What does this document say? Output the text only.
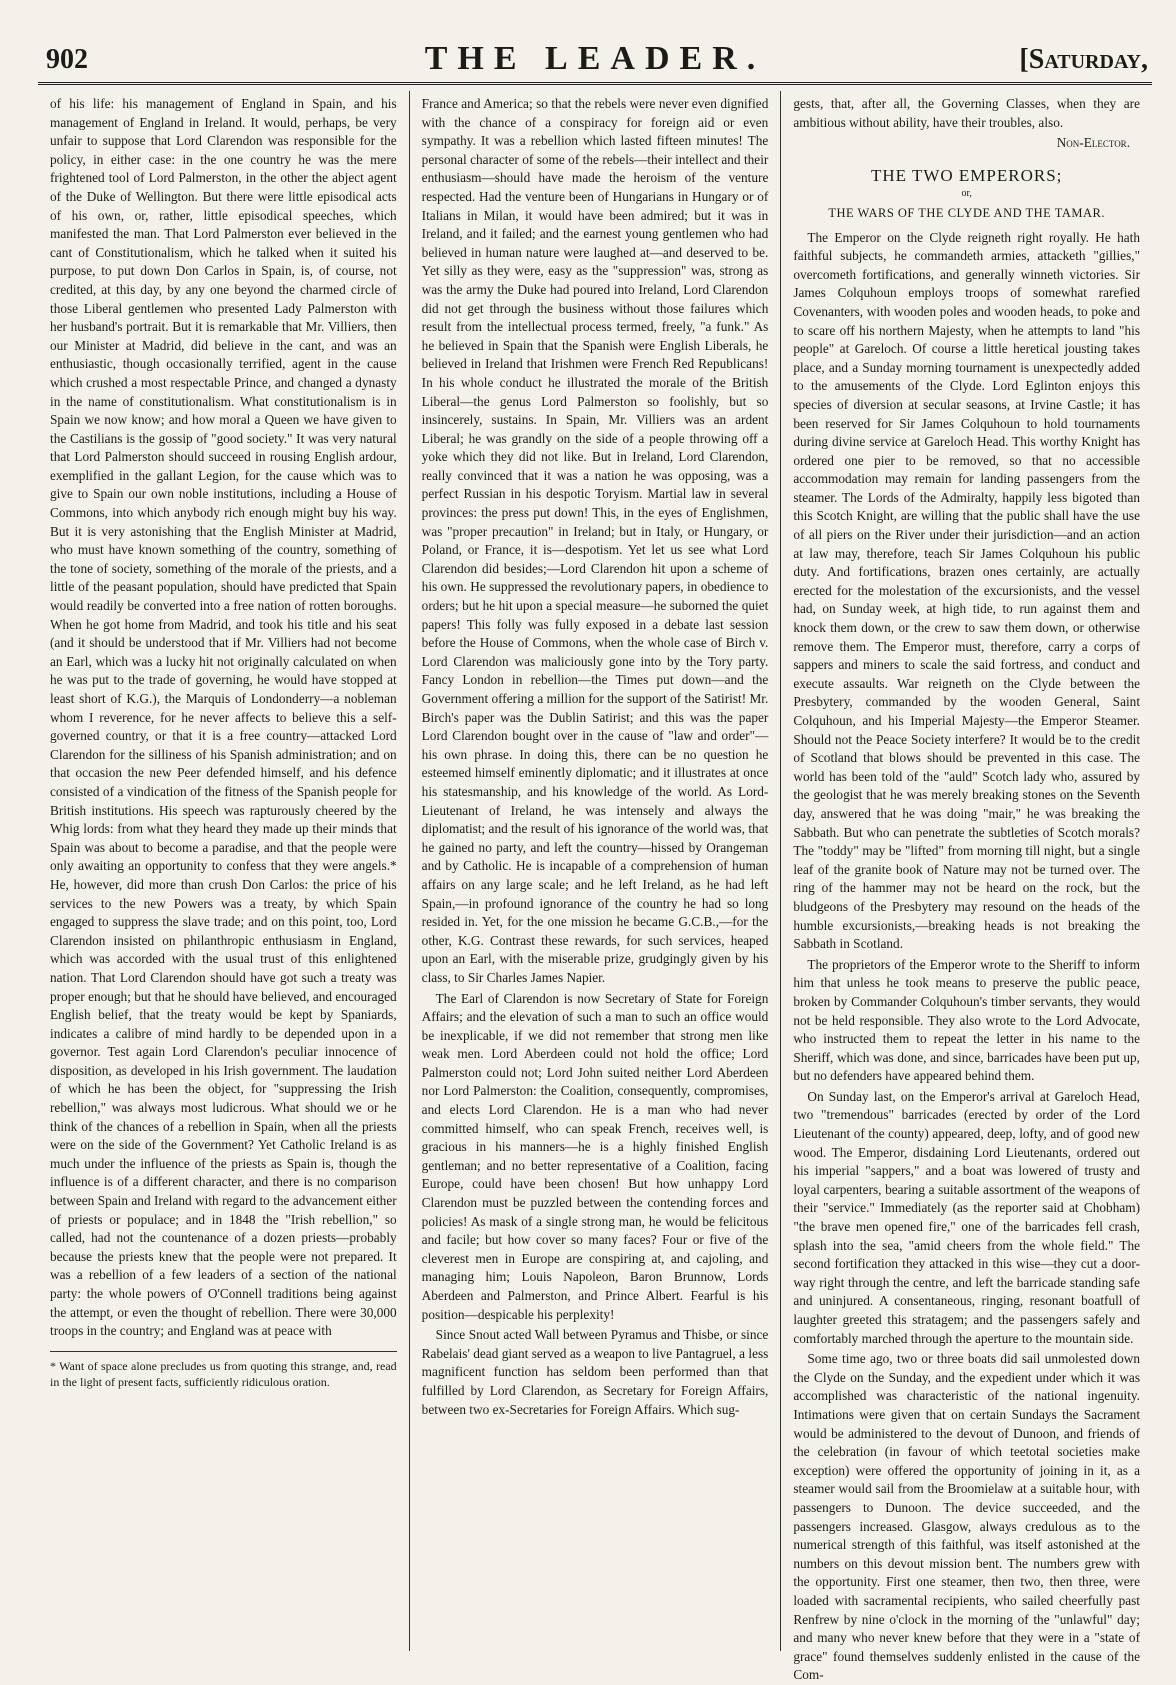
902	THE LEADER.	[Saturday,

of his life: his management of England in Spain, and his management of England in Ireland. It would, perhaps, be very unfair to suppose that Lord Clarendon was responsible for the policy, in either case: in the one country he was the mere frightened tool of Lord Palmerston, in the other the abject agent of the Duke of Wellington. But there were little episodical acts of his own, or, rather, little episodical speeches, which manifested the man. That Lord Palmerston ever believed in the cant of Constitutionalism, which he talked when it suited his purpose, to put down Don Carlos in Spain, is, of course, not credited, at this day, by any one beyond the charmed circle of those Liberal gentlemen who presented Lady Palmerston with her husband's portrait. But it is remarkable that Mr. Villiers, then our Minister at Madrid, did believe in the cant, and was an enthusiastic, though occasionally terrified, agent in the cause which crushed a most respectable Prince, and changed a dynasty in the name of constitutionalism. What constitutionalism is in Spain we now know; and how moral a Queen we have given to the Castilians is the gossip of "good society." It was very natural that Lord Palmerston should succeed in rousing English ardour, exemplified in the gallant Legion, for the cause which was to give to Spain our own noble institutions, including a House of Commons, into which anybody rich enough might buy his way. But it is very astonishing that the English Minister at Madrid, who must have known something of the country, something of the tone of society, something of the morale of the priests, and a little of the peasant population, should have predicted that Spain would readily be converted into a free nation of rotten boroughs. When he got home from Madrid, and took his title and his seat (and it should be understood that if Mr. Villiers had not become an Earl, which was a lucky hit not originally calculated on when he was put to the trade of governing, he would have stopped at least short of K.G.), the Marquis of Londonderry—a nobleman whom I reverence, for he never affects to believe this a self-governed country, or that it is a free country—attacked Lord Clarendon for the silliness of his Spanish administration; and on that occasion the new Peer defended himself, and his defence consisted of a vindication of the fitness of the Spanish people for British institutions. His speech was rapturously cheered by the Whig lords: from what they heard they made up their minds that Spain was about to become a paradise, and that the people were only awaiting an opportunity to confess that they were angels.* He, however, did more than crush Don Carlos: the price of his services to the new Powers was a treaty, by which Spain engaged to suppress the slave trade; and on this point, too, Lord Clarendon insisted on philanthropic enthusiasm in England, which was accorded with the usual trust of this enlightened nation. That Lord Clarendon should have got such a treaty was proper enough; but that he should have believed, and encouraged English belief, that the treaty would be kept by Spaniards, indicates a calibre of mind hardly to be depended upon in a governor. Test again Lord Clarendon's peculiar innocence of disposition, as developed in his Irish government. The laudation of which he has been the object, for "suppressing the Irish rebellion," was always most ludicrous. What should we or he think of the chances of a rebellion in Spain, when all the priests were on the side of the Government? Yet Catholic Ireland is as much under the influence of the priests as Spain is, though the influence is of a different character, and there is no comparison between Spain and Ireland with regard to the advancement either of priests or populace; and in 1848 the "Irish rebellion," so called, had not the countenance of a dozen priests—probably because the priests knew that the people were not prepared. It was a rebellion of a few leaders of a section of the national party: the whole powers of O'Connell traditions being against the attempt, or even the thought of rebellion. There were 30,000 troops in the country; and England was at peace with

* Want of space alone precludes us from quoting this strange, and, read in the light of present facts, sufficiently ridiculous oration.

France and America; so that the rebels were never even dignified with the chance of a conspiracy for foreign aid or even sympathy. It was a rebellion which lasted fifteen minutes! The personal character of some of the rebels—their intellect and their enthusiasm—should have made the heroism of the venture respected. Had the venture been of Hungarians in Hungary or of Italians in Milan, it would have been admired; but it was in Ireland, and it failed; and the earnest young gentlemen who had believed in human nature were laughed at—and deserved to be. Yet silly as they were, easy as the "suppression" was, strong as was the army the Duke had poured into Ireland, Lord Clarendon did not get through the business without those failures which result from the intellectual process termed, freely, "a funk." As he believed in Spain that the Spanish were English Liberals, he believed in Ireland that Irishmen were French Red Republicans! In his whole conduct he illustrated the morale of the British Liberal—the genus Lord Palmerston so foolishly, but so insincerely, sustains. In Spain, Mr. Villiers was an ardent Liberal; he was grandly on the side of a people throwing off a yoke which they did not like. But in Ireland, Lord Clarendon, really convinced that it was a nation he was opposing, was a perfect Russian in his despotic Toryism. Martial law in several provinces: the press put down! This, in the eyes of Englishmen, was "proper precaution" in Ireland; but in Italy, or Hungary, or Poland, or France, it is—despotism. Yet let us see what Lord Clarendon did besides;—Lord Clarendon hit upon a scheme of his own. He suppressed the revolutionary papers, in obedience to orders; but he hit upon a special measure—he suborned the quiet papers! This folly was fully exposed in a debate last session before the House of Commons, when the whole case of Birch v. Lord Clarendon was maliciously gone into by the Tory party. Fancy London in rebellion—the Times put down—and the Government offering a million for the support of the Satirist! Mr. Birch's paper was the Dublin Satirist; and this was the paper Lord Clarendon bought over in the cause of "law and order"—his own phrase. In doing this, there can be no question he esteemed himself eminently diplomatic; and it illustrates at once his statesmanship, and his knowledge of the world. As Lord-Lieutenant of Ireland, he was intensely and always the diplomatist; and the result of his ignorance of the world was, that he gained no party, and left the country—hissed by Orangeman and by Catholic. He is incapable of a comprehension of human affairs on any large scale; and he left Ireland, as he had left Spain,—in profound ignorance of the country he had so long resided in. Yet, for the one mission he became G.C.B.,—for the other, K.G. Contrast these rewards, for such services, heaped upon an Earl, with the miserable prize, grudgingly given by his class, to Sir Charles James Napier.

The Earl of Clarendon is now Secretary of State for Foreign Affairs; and the elevation of such a man to such an office would be inexplicable, if we did not remember that strong men like weak men. Lord Aberdeen could not hold the office; Lord Palmerston could not; Lord John suited neither Lord Aberdeen nor Lord Palmerston: the Coalition, consequently, compromises, and elects Lord Clarendon. He is a man who had never committed himself, who can speak French, receives well, is gracious in his manners—he is a highly finished English gentleman; and no better representative of a Coalition, facing Europe, could have been chosen! But how unhappy Lord Clarendon must be puzzled between the contending forces and policies! As mask of a single strong man, he would be felicitous and facile; but how cover so many faces? Four or five of the cleverest men in Europe are conspiring at, and cajoling, and managing him; Louis Napoleon, Baron Brunnow, Lords Aberdeen and Palmerston, and Prince Albert. Fearful is his position—despicable his perplexity!

Since Snout acted Wall between Pyramus and Thisbe, or since Rabelais' dead giant served as a weapon to live Pantagruel, a less magnificent function has seldom been performed than that fulfilled by Lord Clarendon, as Secretary for Foreign Affairs, between two ex-Secretaries for Foreign Affairs. Which sug-

gests, that, after all, the Governing Classes, when they are ambitious without ability, have their troubles, also.

Non-Elector.
THE TWO EMPERORS;
or,
THE WARS OF THE CLYDE AND THE TAMAR.

The Emperor on the Clyde reigneth right royally. He hath faithful subjects, he commandeth armies, attacketh "gillies," overcometh fortifications, and generally winneth victories. Sir James Colquhoun employs troops of somewhat rarefied Covenanters, with wooden poles and wooden heads, to poke and to scare off his northern Majesty, when he attempts to land "his people" at Gareloch. Of course a little heretical jousting takes place, and a Sunday morning tournament is unexpectedly added to the amusements of the Clyde. Lord Eglinton enjoys this species of diversion at secular seasons, at Irvine Castle; it has been reserved for Sir James Colquhoun to hold tournaments during divine service at Gareloch Head. This worthy Knight has ordered one pier to be removed, so that no accessible accommodation may remain for landing passengers from the steamer. The Lords of the Admiralty, happily less bigoted than this Scotch Knight, are willing that the public shall have the use of all piers on the River under their jurisdiction—and an action at law may, therefore, teach Sir James Colquhoun his public duty. And fortifications, brazen ones certainly, are actually erected for the molestation of the excursionists, and the vessel had, on Sunday week, at high tide, to run against them and knock them down, or the crew to saw them down, or otherwise remove them. The Emperor must, therefore, carry a corps of sappers and miners to scale the said fortress, and conduct and execute assaults. War reigneth on the Clyde between the Presbytery, commanded by the wooden General, Saint Colquhoun, and his Imperial Majesty—the Emperor Steamer. Should not the Peace Society interfere? It would be to the credit of Scotland that blows should be prevented in this case. The world has been told of the "auld" Scotch lady who, assured by the geologist that he was merely breaking stones on the Seventh day, answered that he was doing "mair," he was breaking the Sabbath. But who can penetrate the subtleties of Scotch morals? The "toddy" may be "lifted" from morning till night, but a single leaf of the granite book of Nature may not be turned over. The ring of the hammer may not be heard on the rock, but the bludgeons of the Presbytery may resound on the heads of the humble excursionists,—breaking heads is not breaking the Sabbath in Scotland.

The proprietors of the Emperor wrote to the Sheriff to inform him that unless he took means to preserve the public peace, broken by Commander Colquhoun's timber servants, they would not be held responsible. They also wrote to the Lord Advocate, who instructed them to repeat the letter in his name to the Sheriff, which was done, and since, barricades have been put up, but no defenders have appeared behind them.

On Sunday last, on the Emperor's arrival at Gareloch Head, two "tremendous" barricades (erected by order of the Lord Lieutenant of the county) appeared, deep, lofty, and of good new wood. The Emperor, disdaining Lord Lieutenants, ordered out his imperial "sappers," and a boat was lowered of trusty and loyal carpenters, bearing a suitable assortment of the weapons of their "service." Immediately (as the reporter said at Chobham) "the brave men opened fire," one of the barricades fell crash, splash into the sea, "amid cheers from the whole field." The second fortification they attacked in this wise—they cut a door-way right through the centre, and left the barricade standing safe and uninjured. A consentaneous, ringing, resonant boatfull of laughter greeted this stratagem; and the passengers safely and comfortably marched through the aperture to the mountain side.

Some time ago, two or three boats did sail unmolested down the Clyde on the Sunday, and the expedient under which it was accomplished was characteristic of the national ingenuity. Intimations were given that on certain Sundays the Sacrament would be administered to the devout of Dunoon, and friends of the celebration (in favour of which teetotal societies make exception) were offered the opportunity of joining in it, as a steamer would sail from the Broomielaw at a suitable hour, with passengers to Dunoon. The device succeeded, and the passengers increased. Glasgow, always credulous as to the numerical strength of this faithful, was itself astonished at the numbers on this devout mission bent. The numbers grew with the opportunity. First one steamer, then two, then three, were loaded with sacramental recipients, who sailed cheerfully past Renfrew by nine o'clock in the morning of the "unlawful" day; and many who never knew before that they were in a "state of grace" found themselves suddenly enlisted in the cause of the Com-
